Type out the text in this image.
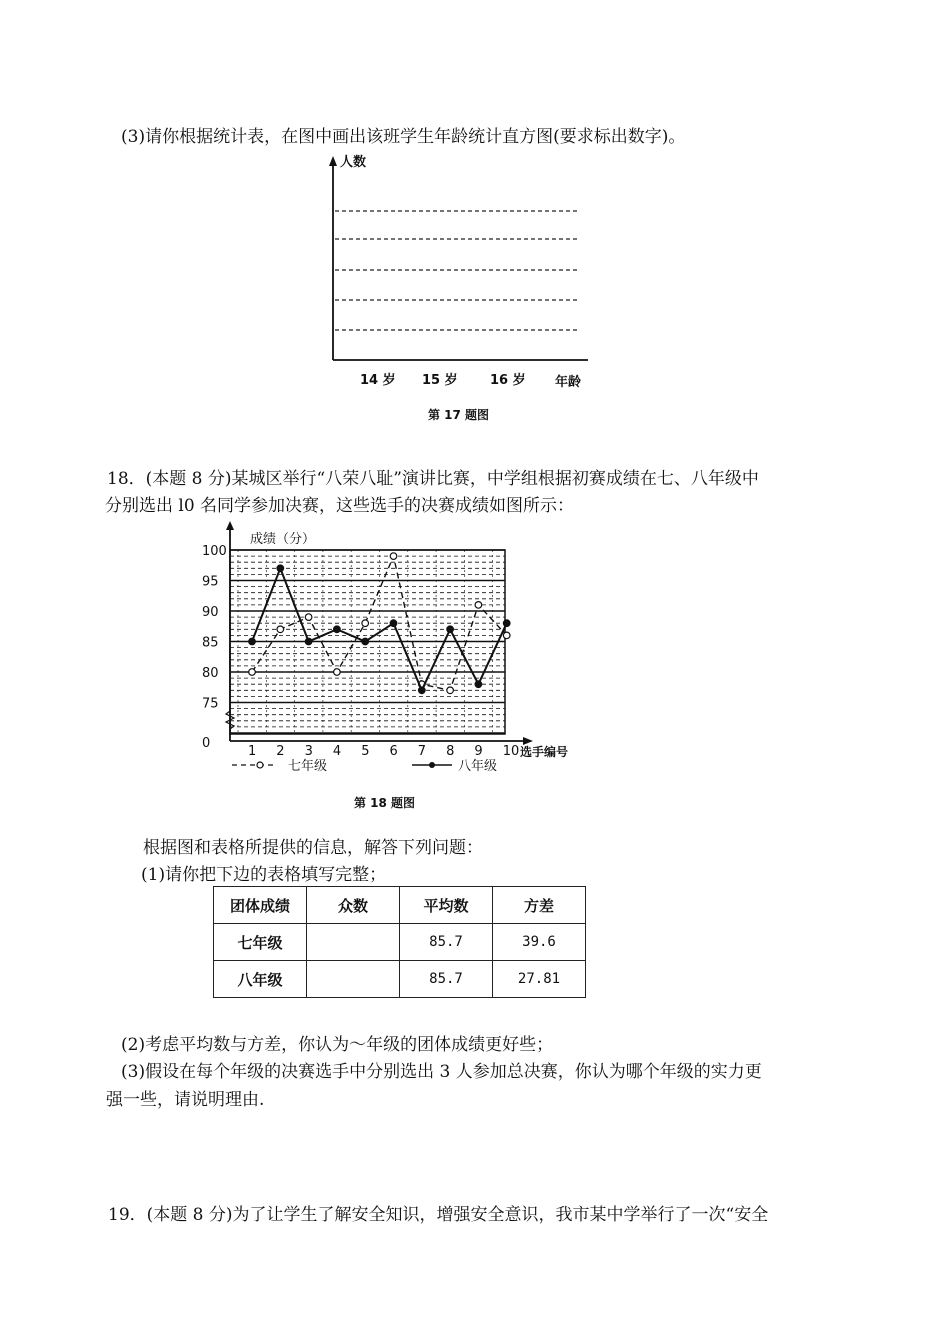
(3)请你根据统计表，在图中画出该班学生年龄统计直方图(要求标出数字)。
人数
14 岁 15 岁 16 岁 年龄
第 17 题图
18．(本题 8 分)某城区举行“八荣八耻”演讲比赛，中学组根据初赛成绩在七、八年级中
分别选出 l0 名同学参加决赛，这些选手的决赛成绩如图所示：
成绩（分）
100
95
90
85
80
75
0
1 2 3 4 5 6 7 8 9 10 选手编号
七年级	八年级
第 18 题图
根据图和表格所提供的信息，解答下列问题：
(1)请你把下边的表格填写完整；
团体成绩	众数	平均数	方差
七年级		85.7	39.6
八年级		85.7	27.81
(2)考虑平均数与方差，你认为～年级的团体成绩更好些；
(3)假设在每个年级的决赛选手中分别选出 3 人参加总决赛，你认为哪个年级的实力更
强一些，请说明理由.
19．(本题 8 分)为了让学生了解安全知识，增强安全意识，我市某中学举行了一次“安全
